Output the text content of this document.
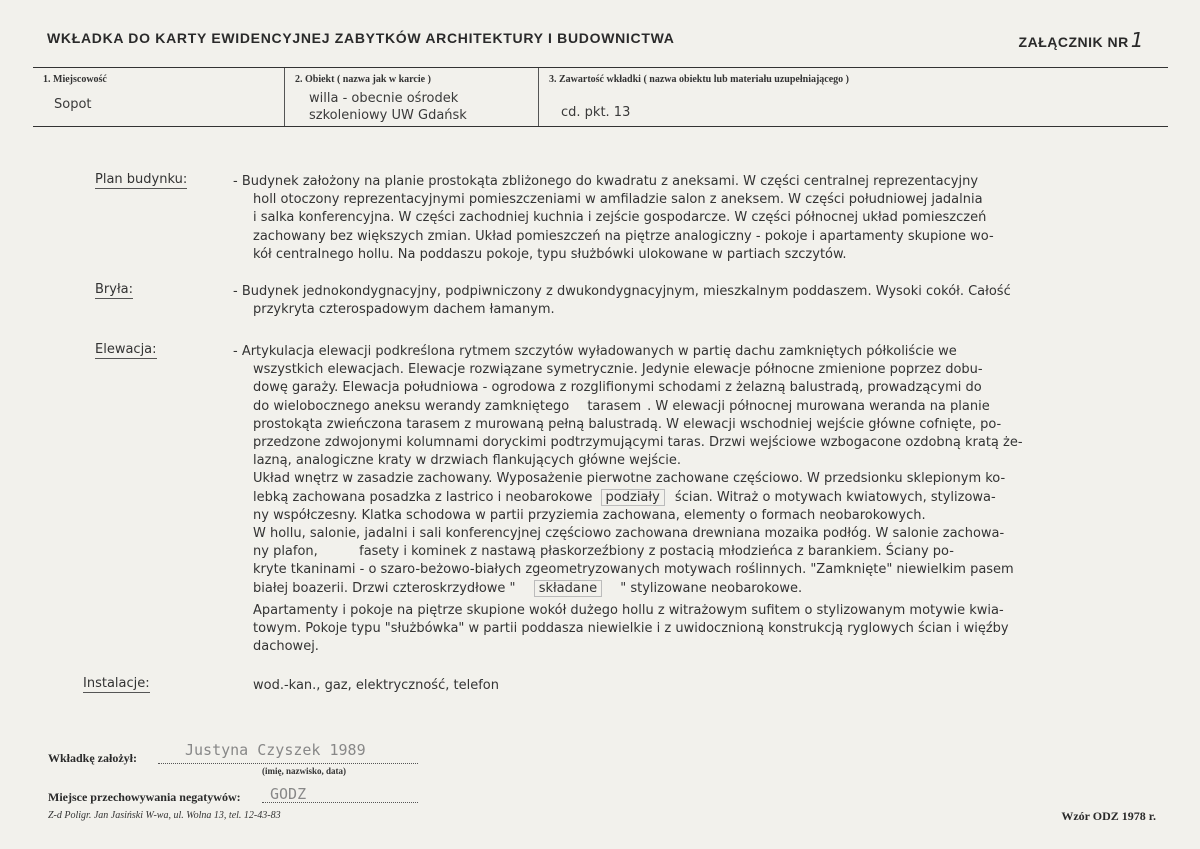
WKŁADKA DO KARTY EWIDENCYJNEJ ZABYTKÓW ARCHITEKTURY I BUDOWNICTWA	ZAŁĄCZNIK NR 1
1. Miejscowość
Sopot
2. Obiekt ( nazwa jak w karcie )
willa - obecnie ośrodek
szkoleniowy UW Gdańsk
3. Zawartość wkładki ( nazwa obiektu lub materiału uzupełniającego )
cd. pkt. 13
Plan budynku:	- Budynek założony na planie prostokąta zbliżonego do kwadratu z aneksami. W części centralnej reprezentacyjny
holl otoczony reprezentacyjnymi pomieszczeniami w amfiladzie salon z aneksem. W części południowej jadalnia
i salka konferencyjna. W części zachodniej kuchnia i zejście gospodarcze. W części północnej układ pomieszczeń
zachowany bez większych zmian. Układ pomieszczeń na piętrze analogiczny - pokoje i apartamenty skupione wo-
kół centralnego hollu. Na poddaszu pokoje, typu służbówki ulokowane w partiach szczytów.
Bryła:	- Budynek jednokondygnacyjny, podpiwniczony z dwukondygnacyjnym, mieszkalnym poddaszem. Wysoki cokół. Całość
przykryta czterospadowym dachem łamanym.
Elewacja:	- Artykulacja elewacji podkreślona rytmem szczytów wyładowanych w partię dachu zamkniętych półkoliście we
wszystkich elewacjach. Elewacje rozwiązane symetrycznie. Jedynie elewacje północne zmienione poprzez dobu-
dowę garaży. Elewacja południowa - ogrodowa z rozglifionymi schodami z żelazną balustradą, prowadzącymi do
do wielobocznego aneksu werandy zamkniętego tarasem . W elewacji północnej murowana weranda na planie
prostokąta zwieńczona tarasem z murowaną pełną balustradą. W elewacji wschodniej wejście główne cofnięte, po-
przedzone zdwojonymi kolumnami doryckimi podtrzymującymi taras. Drzwi wejściowe wzbogacone ozdobną kratą że-
lazną, analogiczne kraty w drzwiach flankujących główne wejście.
Układ wnętrz w zasadzie zachowany. Wyposażenie pierwotne zachowane częściowo. W przedsionku sklepionym ko-
lebką zachowana posadzka z lastrico i neobarokowe podziały ścian. Witraż o motywach kwiatowych, stylizowa-
ny współczesny. Klatka schodowa w partii przyziemia zachowana, elementy o formach neobarokowych.
W hollu, salonie, jadalni i sali konferencyjnej częściowo zachowana drewniana mozaika podłóg. W salonie zachowa-
ny plafon,          fasety i kominek z nastawą płaskorzeźbiony z postacią młodzieńca z barankiem. Ściany po-
kryte tkaninami - o szaro-beżowo-białych zgeometryzowanych motywach roślinnych. "Zamknięte" niewielkim pasem
białej boazerii. Drzwi czteroskrzydłowe " składane " stylizowane neobarokowe.
Apartamenty i pokoje na piętrze skupione wokół dużego hollu z witrażowym sufitem o stylizowanym motywie kwia-
towym. Pokoje typu "służbówka" w partii poddasza niewielkie i z uwidocznioną konstrukcją ryglowych ścian i więźby
dachowej.
Instalacje:	wod.-kan., gaz, elektryczność, telefon
Wkładkę założył:	Justyna Czyszek 1989
(imię, nazwisko, data)
Miejsce przechowywania negatywów: GODZ
Z-d Poligr. Jan Jasiński W-wa, ul. Wolna 13, tel. 12-43-83	Wzór ODZ 1978 r.
